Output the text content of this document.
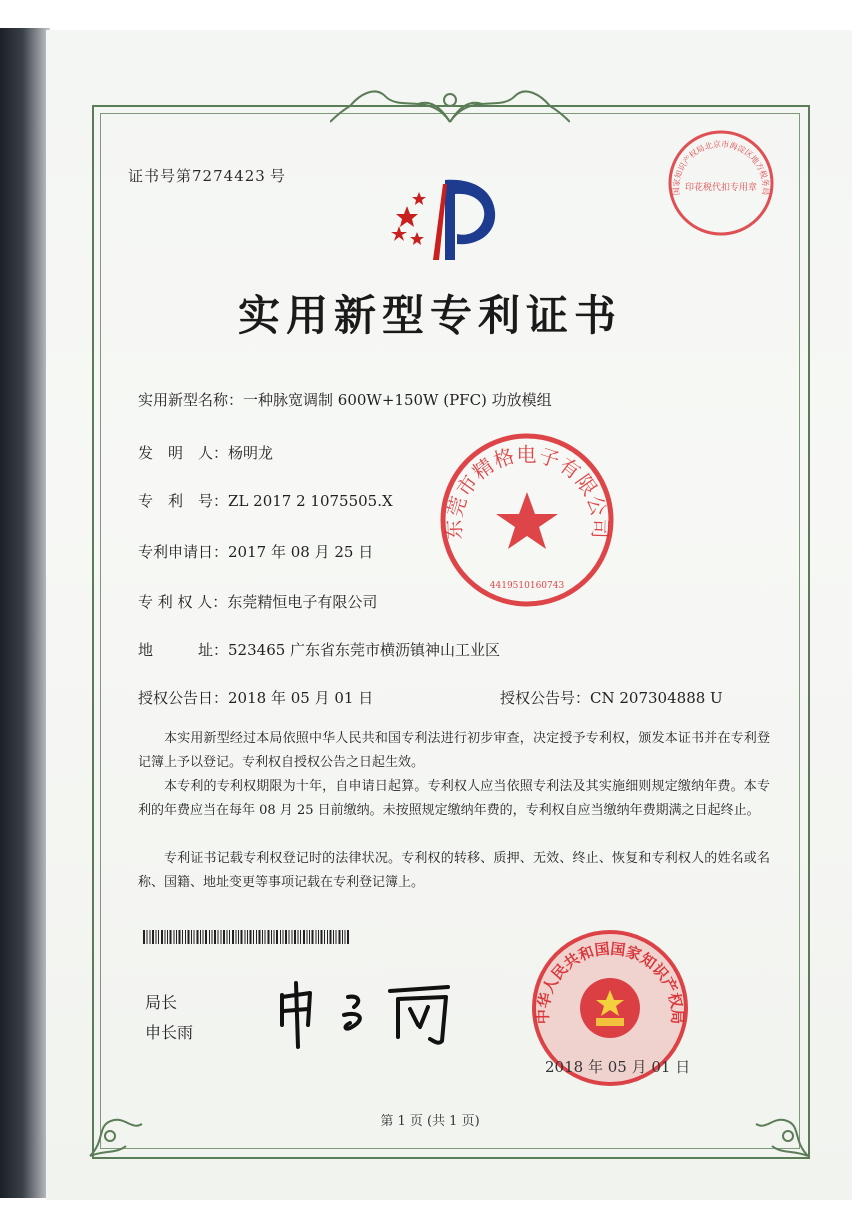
证书号第7274423 号
实用新型专利证书
实用新型名称：一种脉宽调制 600W+150W (PFC) 功放模组
发　明　人：杨明龙
专　利　号：ZL 2017 2 1075505.X
专利申请日：2017 年 08 月 25 日
专 利 权 人：东莞精恒电子有限公司
地　　　址：523465 广东省东莞市横沥镇神山工业区
授权公告日：2018 年 05 月 01 日	授权公告号：CN 207304888 U
本实用新型经过本局依照中华人民共和国专利法进行初步审查，决定授予专利权，颁发本证书并在专利登记簿上予以登记。专利权自授权公告之日起生效。
本专利的专利权期限为十年，自申请日起算。专利权人应当依照专利法及其实施细则规定缴纳年费。本专利的年费应当在每年 08 月 25 日前缴纳。未按照规定缴纳年费的，专利权自应当缴纳年费期满之日起终止。
专利证书记载专利权登记时的法律状况。专利权的转移、质押、无效、终止、恢复和专利权人的姓名或名称、国籍、地址变更等事项记载在专利登记簿上。
局长
申长雨
东莞市精格电子有限公司
4419510160743
国家知识产权局北京市海淀区地方税务局
印花税代扣专用章
中华人民共和国国家知识产权局
2018 年 05 月 01 日
第 1 页 (共 1 页)
